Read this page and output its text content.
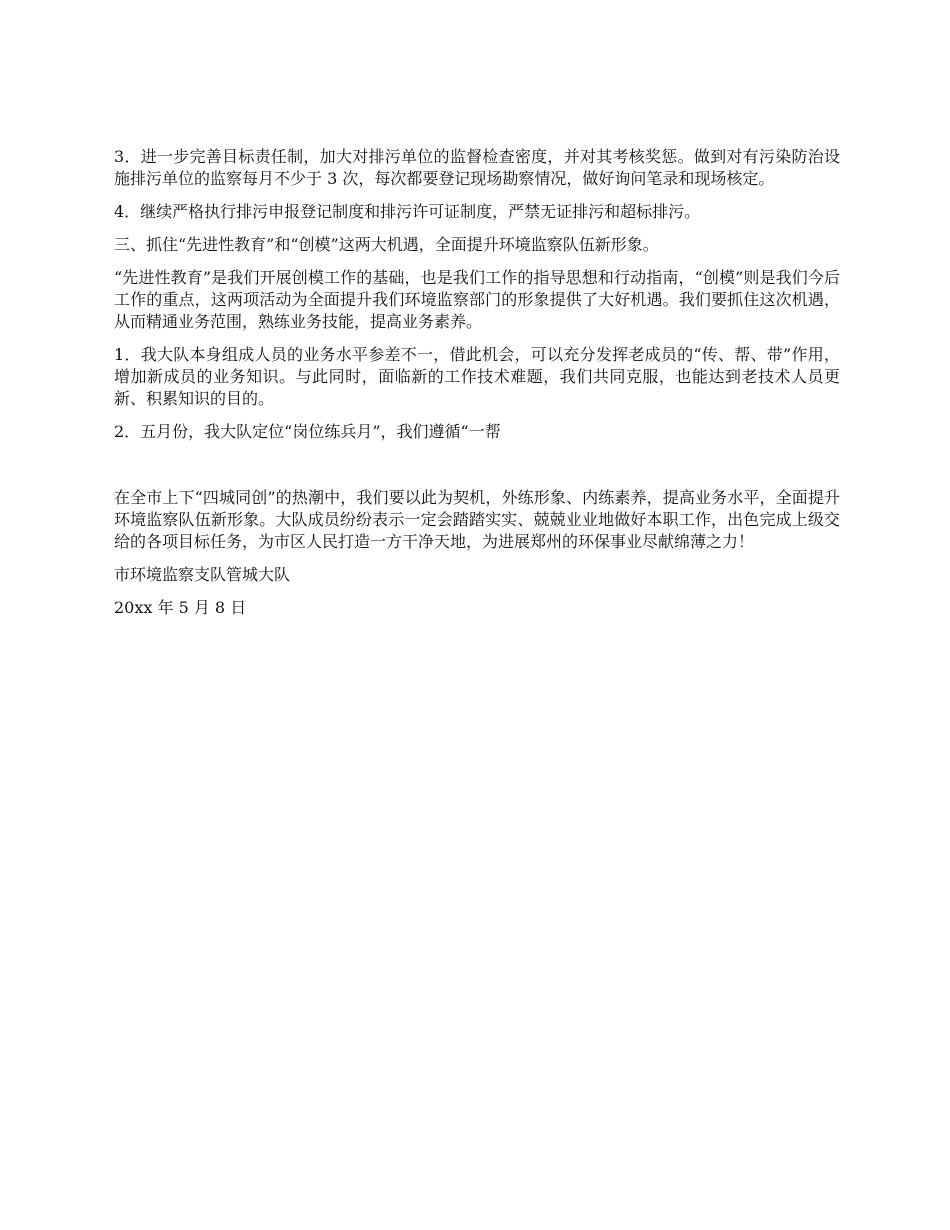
3．进一步完善目标责任制，加大对排污单位的监督检查密度，并对其考核奖惩。做到对有污染防治设施排污单位的监察每月不少于 3 次，每次都要登记现场勘察情况，做好询问笔录和现场核定。

4．继续严格执行排污申报登记制度和排污许可证制度，严禁无证排污和超标排污。

三、抓住“先进性教育”和“创模”这两大机遇，全面提升环境监察队伍新形象。

“先进性教育”是我们开展创模工作的基础，也是我们工作的指导思想和行动指南，“创模”则是我们今后工作的重点，这两项活动为全面提升我们环境监察部门的形象提供了大好机遇。我们要抓住这次机遇，从而精通业务范围，熟练业务技能，提高业务素养。

1．我大队本身组成人员的业务水平参差不一，借此机会，可以充分发挥老成员的“传、帮、带”作用，增加新成员的业务知识。与此同时，面临新的工作技术难题，我们共同克服，也能达到老技术人员更新、积累知识的目的。

2．五月份，我大队定位“岗位练兵月”，我们遵循“一帮

在全市上下“四城同创”的热潮中，我们要以此为契机，外练形象、内练素养，提高业务水平，全面提升环境监察队伍新形象。大队成员纷纷表示一定会踏踏实实、兢兢业业地做好本职工作，出色完成上级交给的各项目标任务，为市区人民打造一方干净天地，为进展郑州的环保事业尽献绵薄之力！

市环境监察支队管城大队

20xx 年 5 月 8 日
